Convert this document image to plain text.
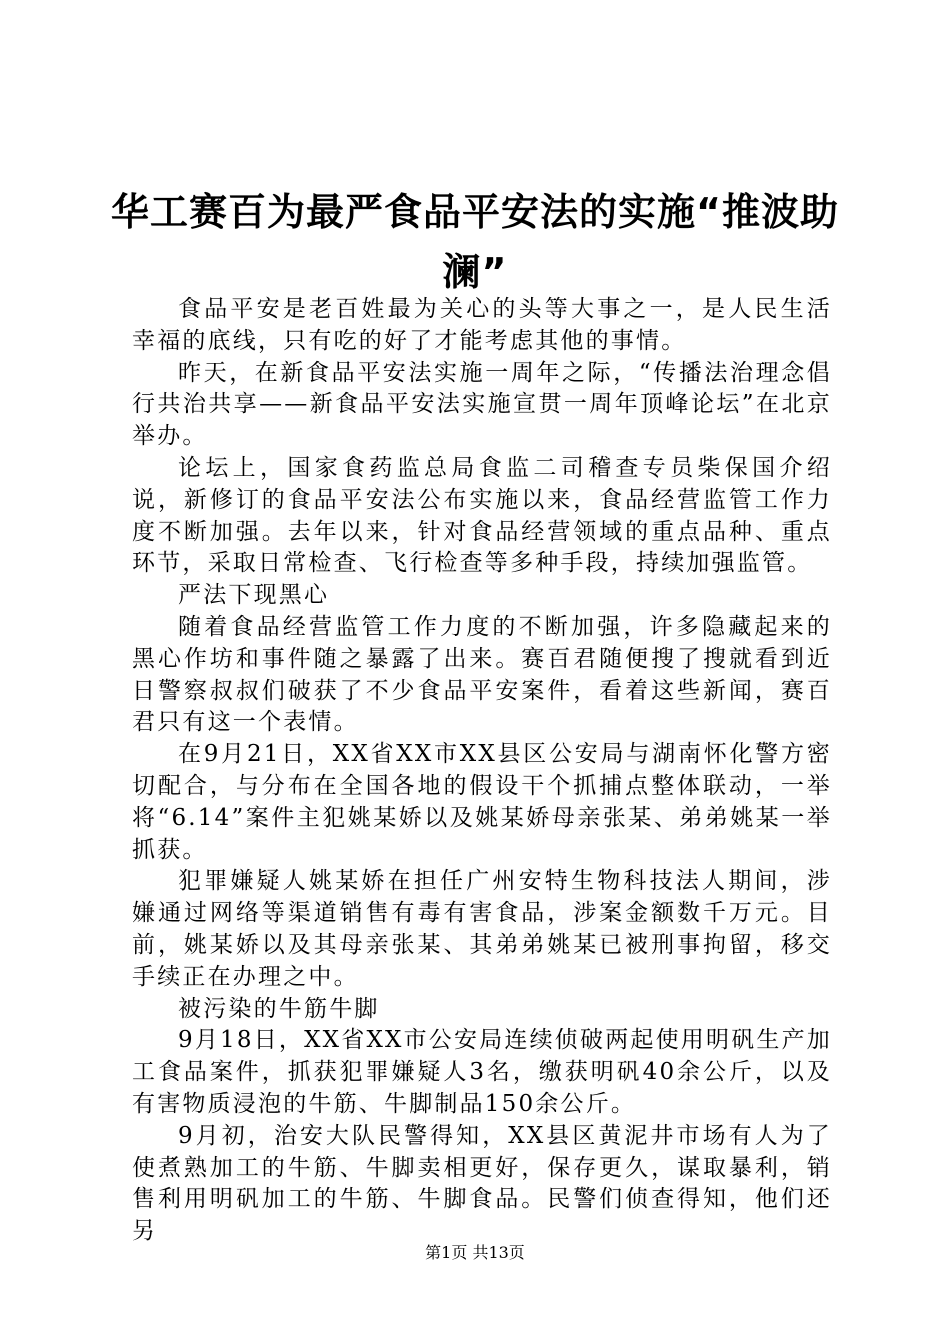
华工赛百为最严食品平安法的实施“推波助澜”

食品平安是老百姓最为关心的头等大事之一，是人民生活幸福的底线，只有吃的好了才能考虑其他的事情。

昨天，在新食品平安法实施一周年之际，“传播法治理念倡行共治共享——新食品平安法实施宣贯一周年顶峰论坛”在北京举办。

论坛上，国家食药监总局食监二司稽查专员柴保国介绍说，新修订的食品平安法公布实施以来，食品经营监管工作力度不断加强。去年以来，针对食品经营领域的重点品种、重点环节，采取日常检查、飞行检查等多种手段，持续加强监管。

严法下现黑心

随着食品经营监管工作力度的不断加强，许多隐藏起来的黑心作坊和事件随之暴露了出来。赛百君随便搜了搜就看到近日警察叔叔们破获了不少食品平安案件，看着这些新闻，赛百君只有这一个表情。

在9月21日，XX省XX市XX县区公安局与湖南怀化警方密切配合，与分布在全国各地的假设干个抓捕点整体联动，一举将“6.14”案件主犯姚某娇以及姚某娇母亲张某、弟弟姚某一举抓获。

犯罪嫌疑人姚某娇在担任广州安特生物科技法人期间，涉嫌通过网络等渠道销售有毒有害食品，涉案金额数千万元。目前，姚某娇以及其母亲张某、其弟弟姚某已被刑事拘留，移交手续正在办理之中。

被污染的牛筋牛脚

9月18日，XX省XX市公安局连续侦破两起使用明矾生产加工食品案件，抓获犯罪嫌疑人3名，缴获明矾40余公斤，以及有害物质浸泡的牛筋、牛脚制品150余公斤。

9月初，治安大队民警得知，XX县区黄泥井市场有人为了使煮熟加工的牛筋、牛脚卖相更好，保存更久，谋取暴利，销售利用明矾加工的牛筋、牛脚食品。民警们侦查得知，他们还另

第1页 共13页
